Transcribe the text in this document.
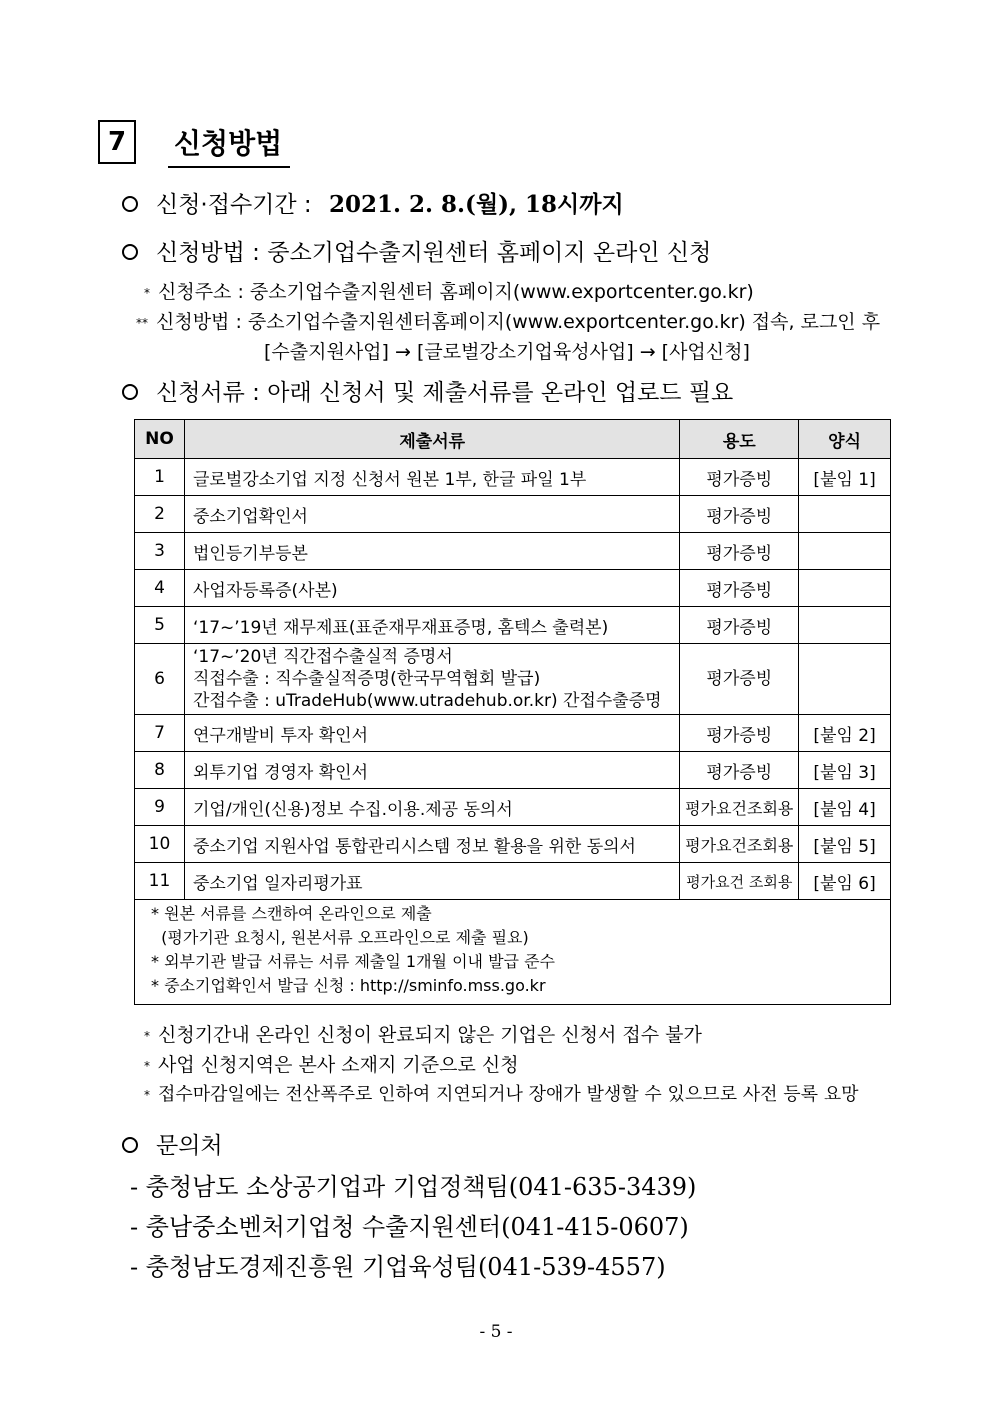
7	신청방법
신청·접수기간 : 2021. 2. 8.(월), 18시까지
신청방법 : 중소기업수출지원센터 홈페이지 온라인 신청
* 신청주소 : 중소기업수출지원센터 홈페이지(www.exportcenter.go.kr)
** 신청방법 : 중소기업수출지원센터홈페이지(www.exportcenter.go.kr) 접속, 로그인 후
[수출지원사업] → [글로벌강소기업육성사업] → [사업신청]
신청서류 : 아래 신청서 및 제출서류를 온라인 업로드 필요
NO	제출서류	용도	양식
1	글로벌강소기업 지정 신청서 원본 1부, 한글 파일 1부	평가증빙	[붙임 1]
2	중소기업확인서	평가증빙	
3	법인등기부등본	평가증빙	
4	사업자등록증(사본)	평가증빙	
5	‘17~’19년 재무제표(표준재무재표증명, 홈텍스 출력본)	평가증빙	
6	‘17~’20년 직간접수출실적 증명서
직접수출 : 직수출실적증명(한국무역협회 발급)
간접수출 : uTradeHub(www.utradehub.or.kr) 간접수출증명	평가증빙	
7	연구개발비 투자 확인서	평가증빙	[붙임 2]
8	외투기업 경영자 확인서	평가증빙	[붙임 3]
9	기업/개인(신용)정보 수집.이용.제공 동의서	평가요건조회용	[붙임 4]
10	중소기업 지원사업 통합관리시스템 정보 활용을 위한 동의서	평가요건조회용	[붙임 5]
11	중소기업 일자리평가표	평가요건 조회용	[붙임 6]

* 원본 서류를 스캔하여 온라인으로 제출
(평가기관 요청시, 원본서류 오프라인으로 제출 필요)
* 외부기관 발급 서류는 서류 제출일 1개월 이내 발급 준수
* 중소기업확인서 발급 신청 : http://sminfo.mss.go.kr			
* 신청기간내 온라인 신청이 완료되지 않은 기업은 신청서 접수 불가
* 사업 신청지역은 본사 소재지 기준으로 신청
* 접수마감일에는 전산폭주로 인하여 지연되거나 장애가 발생할 수 있으므로 사전 등록 요망
문의처
- 충청남도 소상공기업과 기업정책팀(041-635-3439)
- 충남중소벤처기업청 수출지원센터(041-415-0607)
- 충청남도경제진흥원 기업육성팀(041-539-4557)
- 5 -
